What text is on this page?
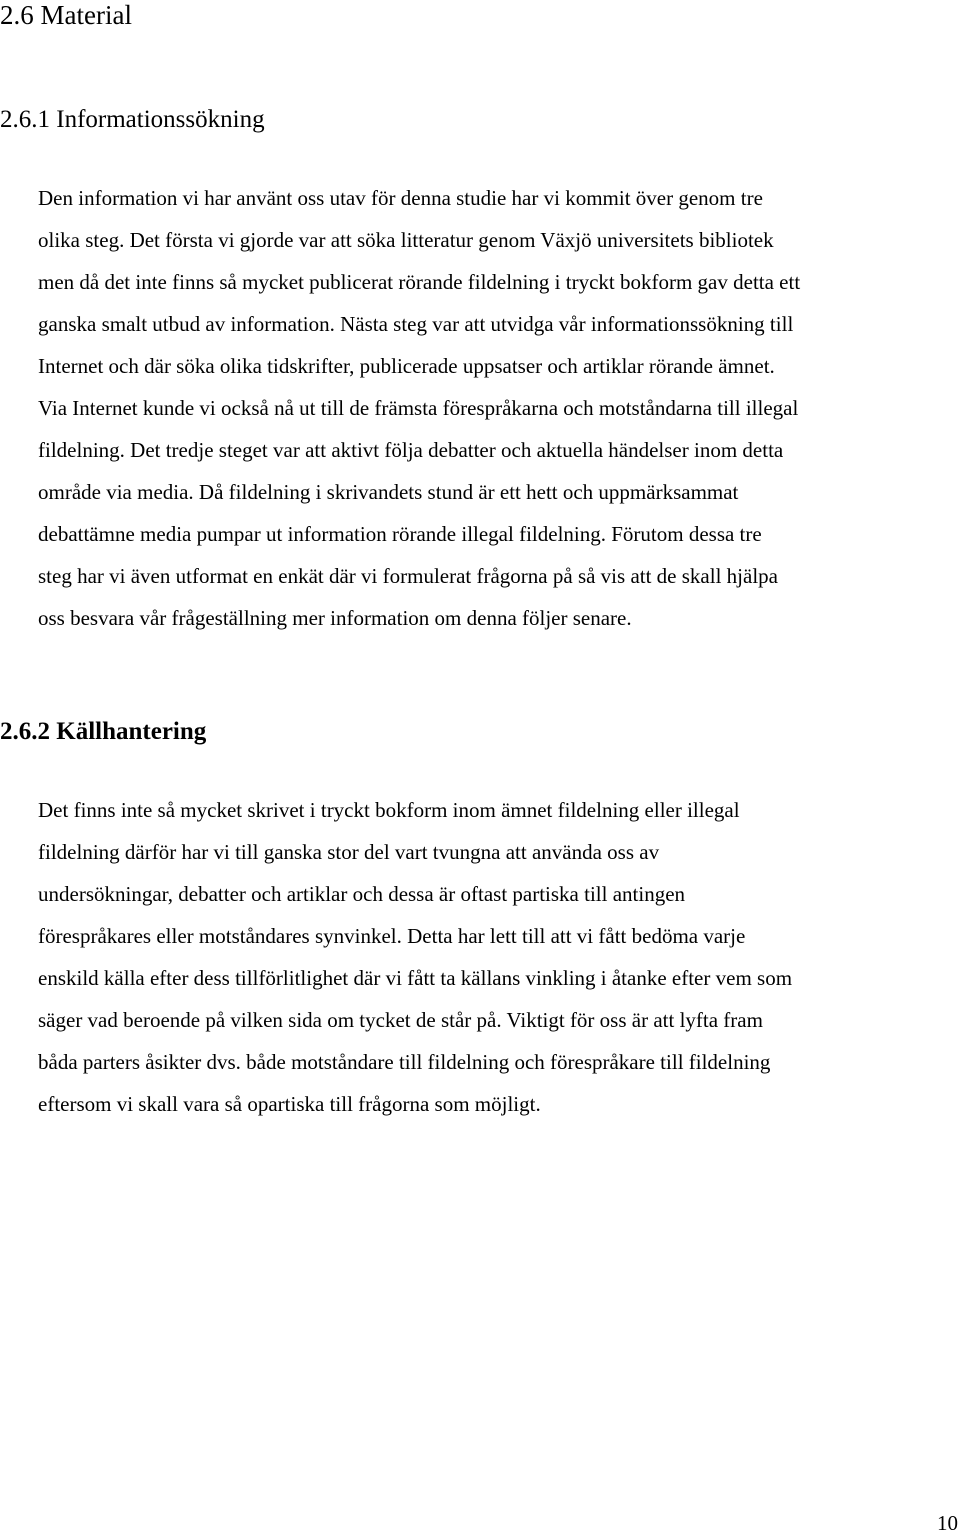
2.6 Material
2.6.1 Informationssökning

Den information vi har använt oss utav för denna studie har vi kommit över genom tre
olika steg. Det första vi gjorde var att söka litteratur genom Växjö universitets bibliotek
men då det inte finns så mycket publicerat rörande fildelning i tryckt bokform gav detta ett
ganska smalt utbud av information. Nästa steg var att utvidga vår informationssökning till
Internet och där söka olika tidskrifter, publicerade uppsatser och artiklar rörande ämnet.
Via Internet kunde vi också nå ut till de främsta förespråkarna och motståndarna till illegal
fildelning. Det tredje steget var att aktivt följa debatter och aktuella händelser inom detta
område via media. Då fildelning i skrivandets stund är ett hett och uppmärksammat
debattämne media pumpar ut information rörande illegal fildelning. Förutom dessa tre
steg har vi även utformat en enkät där vi formulerat frågorna på så vis att de skall hjälpa
oss besvara vår frågeställning mer information om denna följer senare.

2.6.2 Källhantering

Det finns inte så mycket skrivet i tryckt bokform inom ämnet fildelning eller illegal
fildelning därför har vi till ganska stor del vart tvungna att använda oss av
undersökningar, debatter och artiklar och dessa är oftast partiska till antingen
förespråkares eller motståndares synvinkel. Detta har lett till att vi fått bedöma varje
enskild källa efter dess tillförlitlighet där vi fått ta källans vinkling i åtanke efter vem som
säger vad beroende på vilken sida om tycket de står på. Viktigt för oss är att lyfta fram
båda parters åsikter dvs. både motståndare till fildelning och förespråkare till fildelning
eftersom vi skall vara så opartiska till frågorna som möjligt.

10
